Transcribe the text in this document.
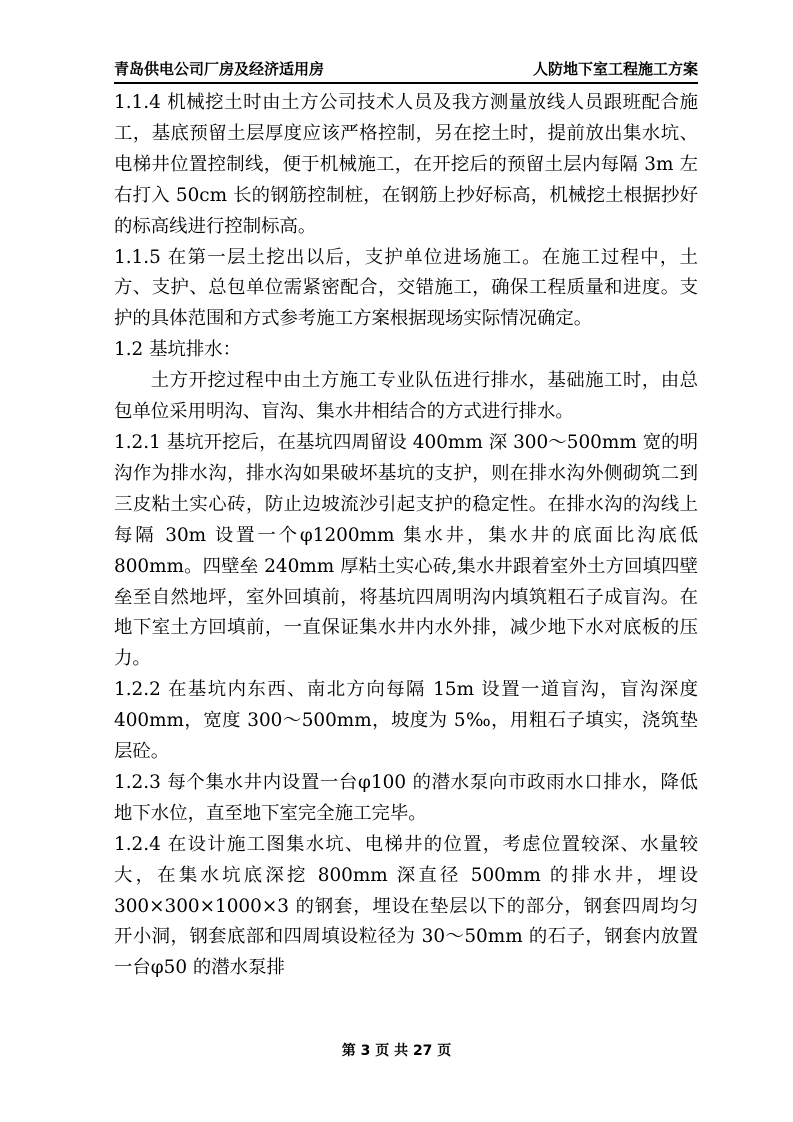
青岛供电公司厂房及经济适用房	人防地下室工程施工方案

1.1.4 机械挖土时由土方公司技术人员及我方测量放线人员跟班配合施工，基底预留土层厚度应该严格控制，另在挖土时，提前放出集水坑、电梯井位置控制线，便于机械施工，在开挖后的预留土层内每隔 3m 左右打入 50cm 长的钢筋控制桩，在钢筋上抄好标高，机械挖土根据抄好的标高线进行控制标高。

1.1.5 在第一层土挖出以后，支护单位进场施工。在施工过程中，土方、支护、总包单位需紧密配合，交错施工，确保工程质量和进度。支护的具体范围和方式参考施工方案根据现场实际情况确定。

1.2 基坑排水：

土方开挖过程中由土方施工专业队伍进行排水，基础施工时，由总包单位采用明沟、盲沟、集水井相结合的方式进行排水。

1.2.1 基坑开挖后，在基坑四周留设 400mm 深 300～500mm 宽的明沟作为排水沟，排水沟如果破坏基坑的支护，则在排水沟外侧砌筑二到三皮粘土实心砖，防止边坡流沙引起支护的稳定性。在排水沟的沟线上每隔 30m 设置一个φ1200mm 集水井，集水井的底面比沟底低 800mm。四壁垒 240mm 厚粘土实心砖,集水井跟着室外土方回填四壁垒至自然地坪，室外回填前，将基坑四周明沟内填筑粗石子成盲沟。在地下室土方回填前，一直保证集水井内水外排，减少地下水对底板的压力。

1.2.2 在基坑内东西、南北方向每隔 15m 设置一道盲沟，盲沟深度 400mm，宽度 300～500mm，坡度为 5‰，用粗石子填实，浇筑垫层砼。

1.2.3 每个集水井内设置一台φ100 的潜水泵向市政雨水口排水，降低地下水位，直至地下室完全施工完毕。

1.2.4 在设计施工图集水坑、电梯井的位置，考虑位置较深、水量较大，在集水坑底深挖 800mm 深直径 500mm 的排水井，埋设 300×300×1000×3 的钢套，埋设在垫层以下的部分，钢套四周均匀开小洞，钢套底部和四周填设粒径为 30～50mm 的石子，钢套内放置一台φ50 的潜水泵排

第 3 页 共 27 页
